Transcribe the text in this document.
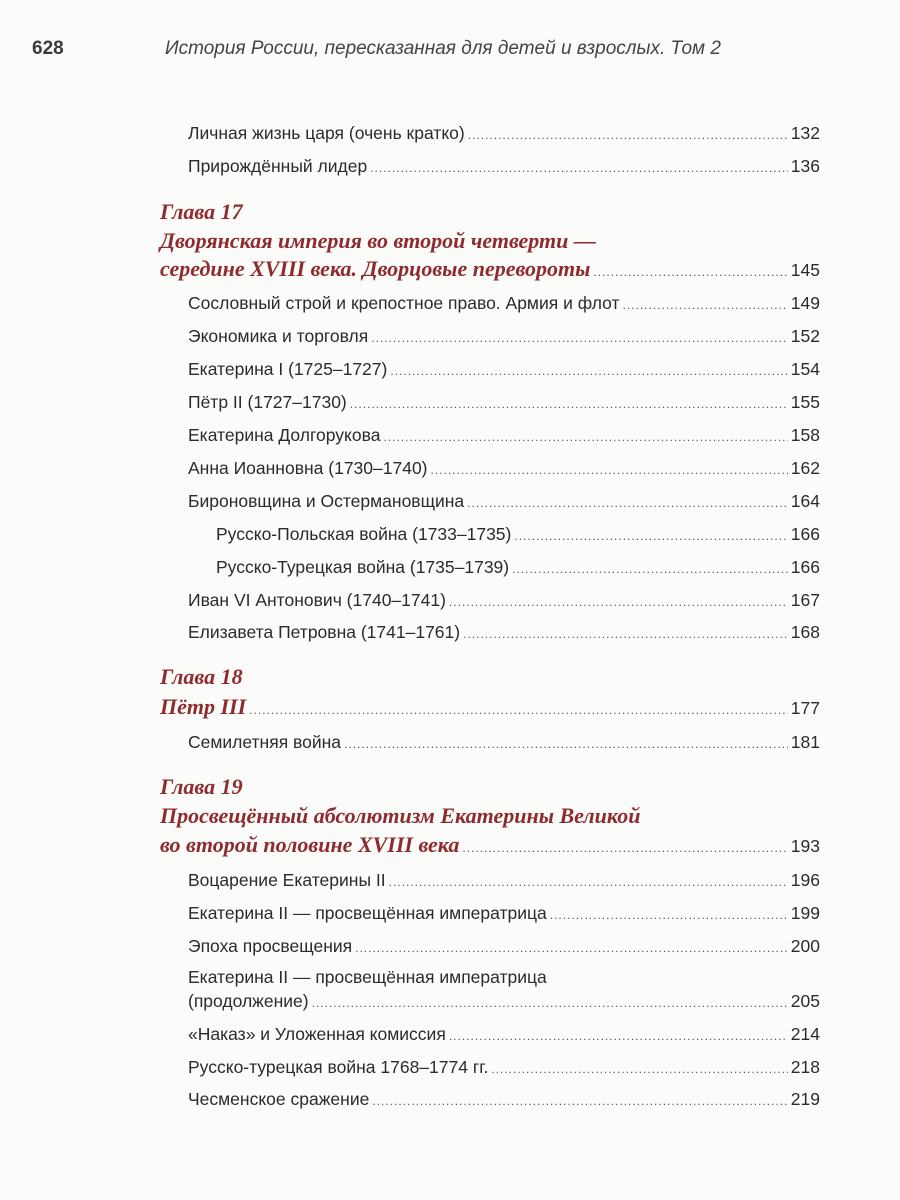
628	История России, пересказанная для детей и взрослых. Том 2
Личная жизнь царя (очень кратко) .....	132
Прирождённый лидер .....	136
Глава 17
Дворянская империя во второй четверти —
середине XVIII века. Дворцовые перевороты .....	145
Сословный строй и крепостное право. Армия и флот .....	149
Экономика и торговля .....	152
Екатерина I (1725–1727) .....	154
Пётр II (1727–1730) .....	155
Екатерина Долгорукова .....	158
Анна Иоанновна (1730–1740) .....	162
Бироновщина и Остермановщина .....	164
Русско-Польская война (1733–1735) .....	166
Русско-Турецкая война (1735–1739) .....	166
Иван VI Антонович (1740–1741) .....	167
Елизавета Петровна (1741–1761) .....	168
Глава 18
Пётр III .....	177
Семилетняя война .....	181
Глава 19
Просвещённый абсолютизм Екатерины Великой
во второй половине XVIII века .....	193
Воцарение Екатерины II .....	196
Екатерина II — просвещённая императрица .....	199
Эпоха просвещения .....	200
Екатерина II — просвещённая императрица
(продолжение) .....	205
«Наказ» и Уложенная комиссия .....	214
Русско-турецкая война 1768–1774 гг. .....	218
Чесменское сражение .....	219
